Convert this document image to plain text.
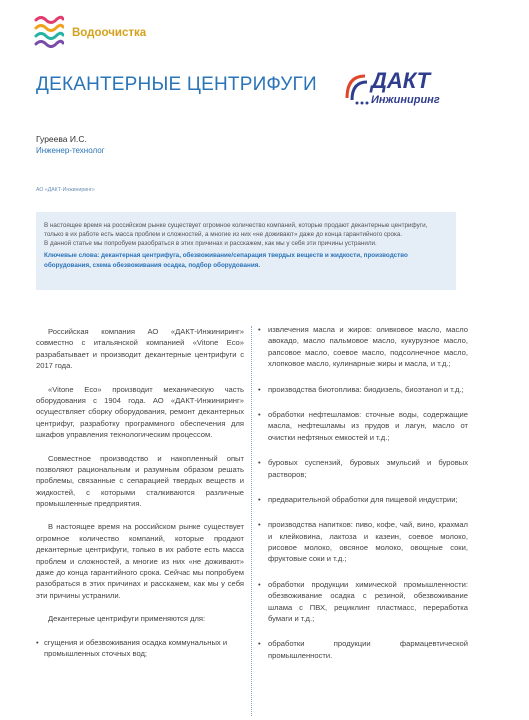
Водоочистка
ДЕКАНТЕРНЫЕ ЦЕНТРИФУГИ ДАКТ
Инжиниринг
Гуреева И.С.
Инженер-технолог
АО «ДАКТ-Инжиниринг»

В настоящее время на российском рынке существует огромное количество компаний, которые продают декантерные центрифуги, только в их работе есть масса проблем и сложностей, а многие из них «не доживают» даже до конца гарантийного срока.

В данной статье мы попробуем разобраться в этих причинах и расскажем, как мы у себя эти причины устранили.

Ключевые слова: декантерная центрифуга, обезвоживание/сепарация твердых веществ и жидкости, производство оборудования, схема обезвоживания осадка, подбор оборудования.

Российская компания АО «ДАКТ-Инжиниринг» совместно с итальянской компанией «Vitone Eco» разрабатывает и производит декантерные центрифуги с 2017 года.

«Vitone Eco» производит механическую часть оборудования с 1904 года. АО «ДАКТ-Инжиниринг» осуществляет сборку оборудования, ремонт декантерных центрифуг, разработку программного обеспечения для шкафов управления технологическим процессом.

Совместное производство и накопленный опыт позволяют рациональным и разумным образом решать проблемы, связанные с сепарацией твердых веществ и жидкостей, с которыми сталкиваются различные промышленные предприятия.

В настоящее время на российском рынке существует огромное количество компаний, которые продают декантерные центрифуги, только в их работе есть масса проблем и сложностей, а многие из них «не доживают» даже до конца гарантийного срока. Сейчас мы попробуем разобраться в этих причинах и расскажем, как мы у себя эти причины устранили.

Декантерные центрифуги применяются для:

• сгущения и обезвоживания осадка коммунальных и промышленных сточных вод;
• извлечения масла и жиров: оливковое масло, масло авокадо, масло пальмовое масло, кукурузное масло, рапсовое масло, соевое масло, подсолнечное масло, хлопковое масло, кулинарные жиры и масла, и т.д.;
• производства биотоплива: биодизель, биоэтанол и т.д.;
• обработки нефтешламов: сточные воды, содержащие масла, нефтешламы из прудов и лагун, масло от очистки нефтяных емкостей и т.д.;
• буровых суспензий, буровых эмульсий и буровых растворов;
• предварительной обработки для пищевой индустрии;
• производства напитков: пиво, кофе, чай, вино, крахмал и клейковина, лактоза и казеин, соевое молоко, рисовое молоко, овсяное молоко, овощные соки, фруктовые соки и т.д.;
• обработки продукции химической промышленности: обезвоживание осадка с резиной, обезвоживание шлама с ПВХ, рециклинг пластмасс, переработка бумаги и т.д.;
• обработки продукции фармацевтической промышленности.
